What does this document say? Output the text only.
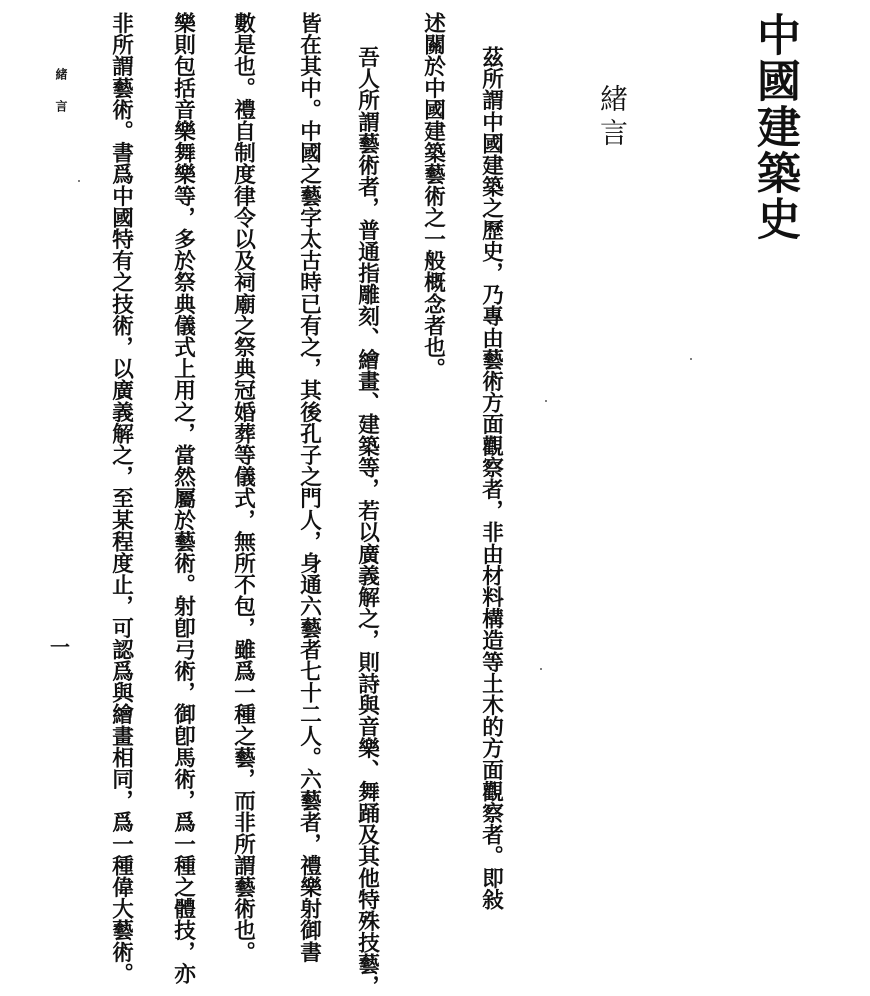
中國建築史
緒言
茲所謂中國建築之歷史，乃專由藝術方面觀察者，非由材料構造等土木的方面觀察者。即敍
述關於中國建築藝術之一般概念者也。
吾人所謂藝術者，普通指雕刻、繪畫、建築等，若以廣義解之，則詩與音樂、舞踊及其他特殊技藝，
皆在其中。中國之藝字太古時已有之，其後孔子之門人，身通六藝者七十二人。六藝者，禮樂射御書
數是也。禮自制度律令以及祠廟之祭典冠婚葬等儀式，無所不包，雖爲一種之藝，而非所謂藝術也。
樂則包括音樂舞樂等，多於祭典儀式上用之，當然屬於藝術。射卽弓術，御卽馬術，爲一種之體技，亦
非所謂藝術。書爲中國特有之技術，以廣義解之，至某程度止，可認爲與繪畫相同，爲一種偉大藝術。
緒言
一
